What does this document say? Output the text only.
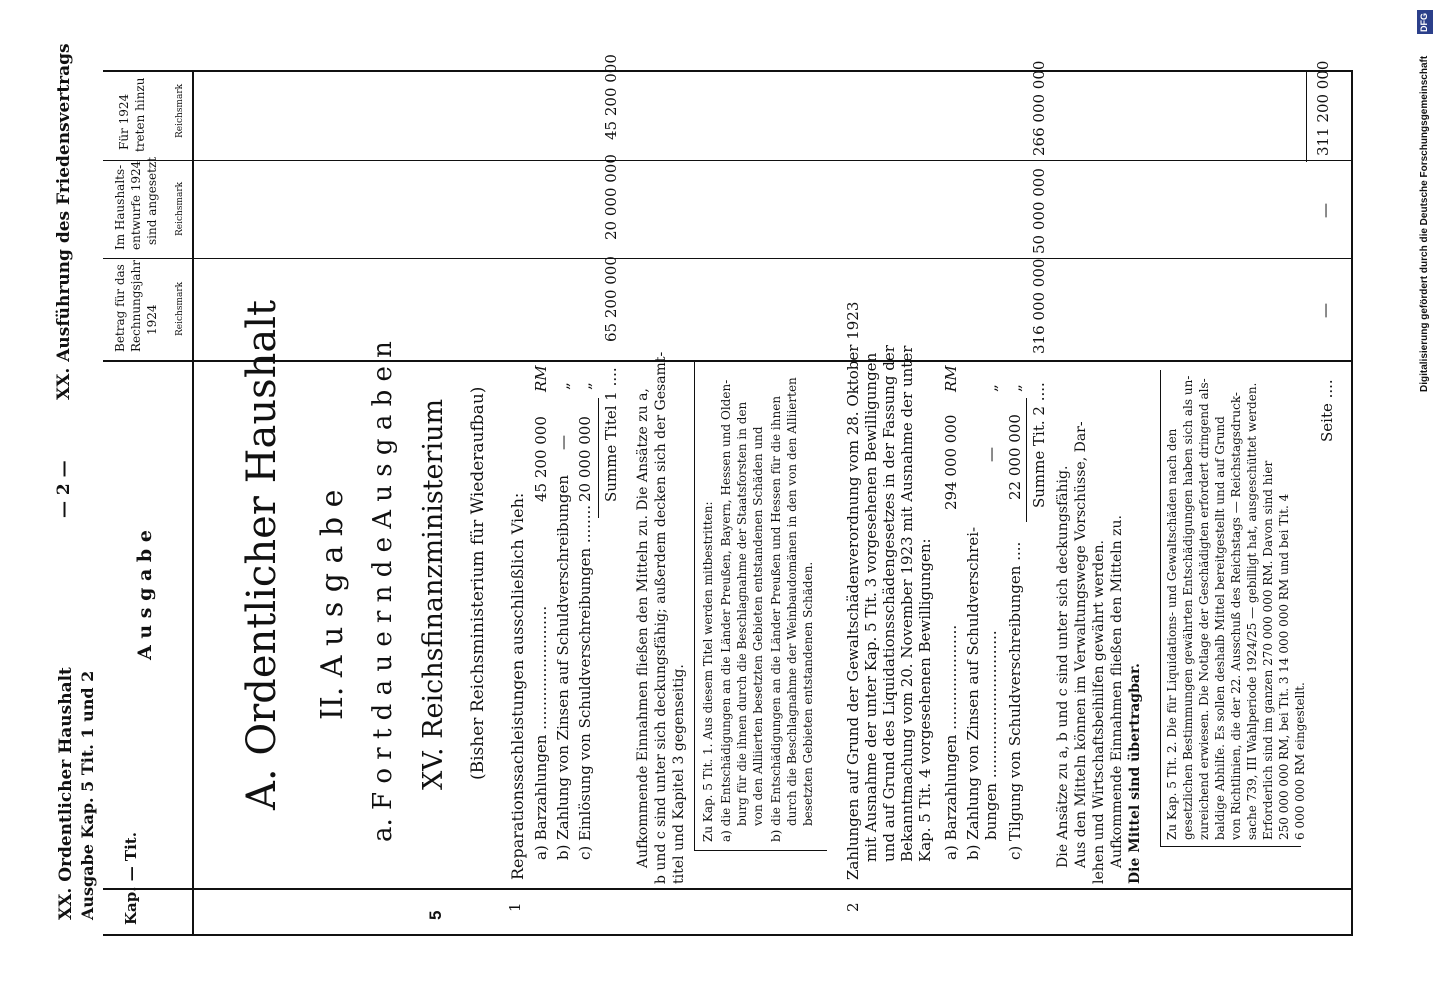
XX. Ordentlicher Haushalt Ausgabe Kap. 5 Tit. 1 und 2
— 2 —
XX. Ausführung des Friedensvertrags	Digitalisierung gefördert durch die Deutsche Forschungsgemeinschaft
DFG
Kap. — Tit.
A u s g a b e
Betrag für das Rechnungsjahr 1924 Reichsmark
Im Haushalts- entwurfe 1924 sind angesetzt Reichsmark
Für 1924 treten hinzu	Reichsmark
A. Ordentlicher Haushalt II. A u s g a b e a. F o r t d a u e r n d e A u s g a b e n XV. Reichsfinanzministerium (Bisher Reichsministerium für Wiederaufbau)
5
1
Reparationssachleistungen ausschließlich Vieh: a) Barzahlungen ..........................
45 200 000
RM
b) Zahlung von Zinsen auf Schuldverschreibungen
—
„
c) Einlösung von Schuldverschreibungen ........
20 000 000
„ Summe Titel 1 ....
65 200 000
20 000 000
45 200 000
Aufkommende Einnahmen fließen den Mitteln zu. Die Ansätze zu a, b und c sind unter sich deckungsfähig; außerdem decken sich der Gesamt- titel und Kapitel 3 gegenseitig. Zu Kap. 5 Tit. 1. Aus diesem Titel werden mitbestritten: a) die Entschädigungen an die Länder Preußen, Bayern, Hessen und Olden- burg für die ihnen durch die Beschlagnahme der Staatsforsten in den von den Alliierten besetzten Gebieten entstandenen Schäden und b) die Entschädigungen an die Länder Preußen und Hessen für die ihnen durch die Beschlagnahme der Weinbaudomänen in den von den Alliierten besetzten Gebieten entstandenen Schäden.
2
Zahlungen auf Grund der Gewaltschädenverordnung vom 28. Oktober 1923 mit Ausnahme der unter Kap. 5 Tit. 3 vorgesehenen Bewilligungen und auf Grund des Liquidationsschädengesetzes in der Fassung der Bekanntmachung vom 20. November 1923 mit Ausnahme der unter Kap. 5 Tit. 4 vorgesehenen Bewilligungen: a) Barzahlungen ......................
294 000 000
RM
b) Zahlung von Zinsen auf Schuldverschrei- bungen ...............................
—
„
c) Tilgung von Schuldverschreibungen ....
22 000 000
„ Summe Tit. 2 ....
316 000 000
50 000 000
266 000 000
Die Ansätze zu a, b und c sind unter sich deckungsfähig. Aus den Mitteln können im Verwaltungswege Vorschüsse, Dar- lehen und Wirtschaftsbeihilfen gewährt werden. Aufkommende Einnahmen fließen den Mitteln zu. Die Mittel sind übertragbar. Zu Kap. 5 Tit. 2. Die für Liquidations- und Gewaltschäden nach den gesetzlichen Bestimmungen gewährten Entschädigungen haben sich als un- zureichend erwiesen. Die Notlage der Geschädigten erfordert dringend als- baldige Abhilfe. Es sollen deshalb Mittel bereitgestellt und auf Grund von Richtlinien, die der 22. Ausschuß des Reichstags — Reichstagsdruck- sache 739, III Wahlperiode 1924/25 — gebilligt hat, ausgeschüttet werden. Erforderlich sind im ganzen 270 000 000 RM. Davon sind hier 250 000 000 RM, bei Tit. 3 14 000 000 RM und bei Tit. 4 6 000 000 RM eingestellt.
Seite ....
—
—
311 200 000
